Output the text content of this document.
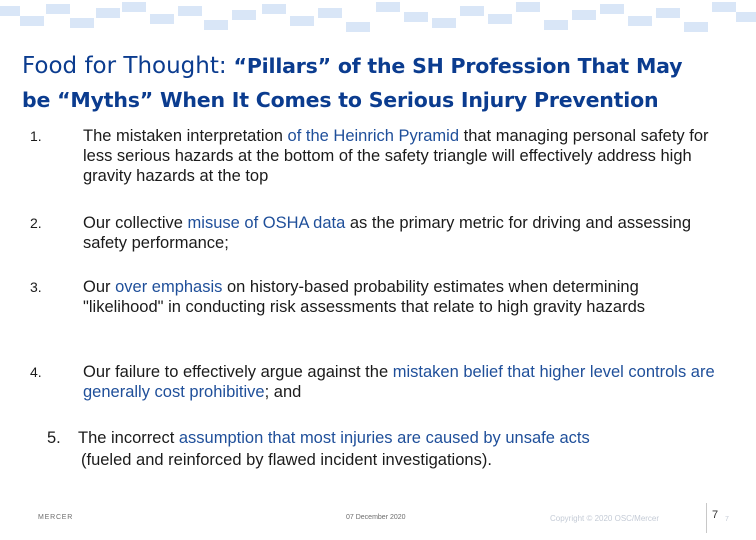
Food for Thought: “Pillars” of the SH Profession That May
be “Myths” When It Comes to Serious Injury Prevention
1.	The mistaken interpretation of the Heinrich Pyramid that managing personal safety for less serious hazards at the bottom of the safety triangle will effectively address high gravity hazards at the top
2.	Our collective misuse of OSHA data as the primary metric for driving and assessing safety performance;
3.	Our over emphasis on history-based probability estimates when determining "likelihood" in conducting risk assessments that relate to high gravity hazards
4.	Our failure to effectively argue against the mistaken belief that higher level controls are generally cost prohibitive; and
5. The incorrect assumption that most injuries are caused by unsafe acts
(fueled and reinforced by flawed incident investigations).
MERCER	07 December 2020	Copyright © 2020 OSC/Mercer	7 7
